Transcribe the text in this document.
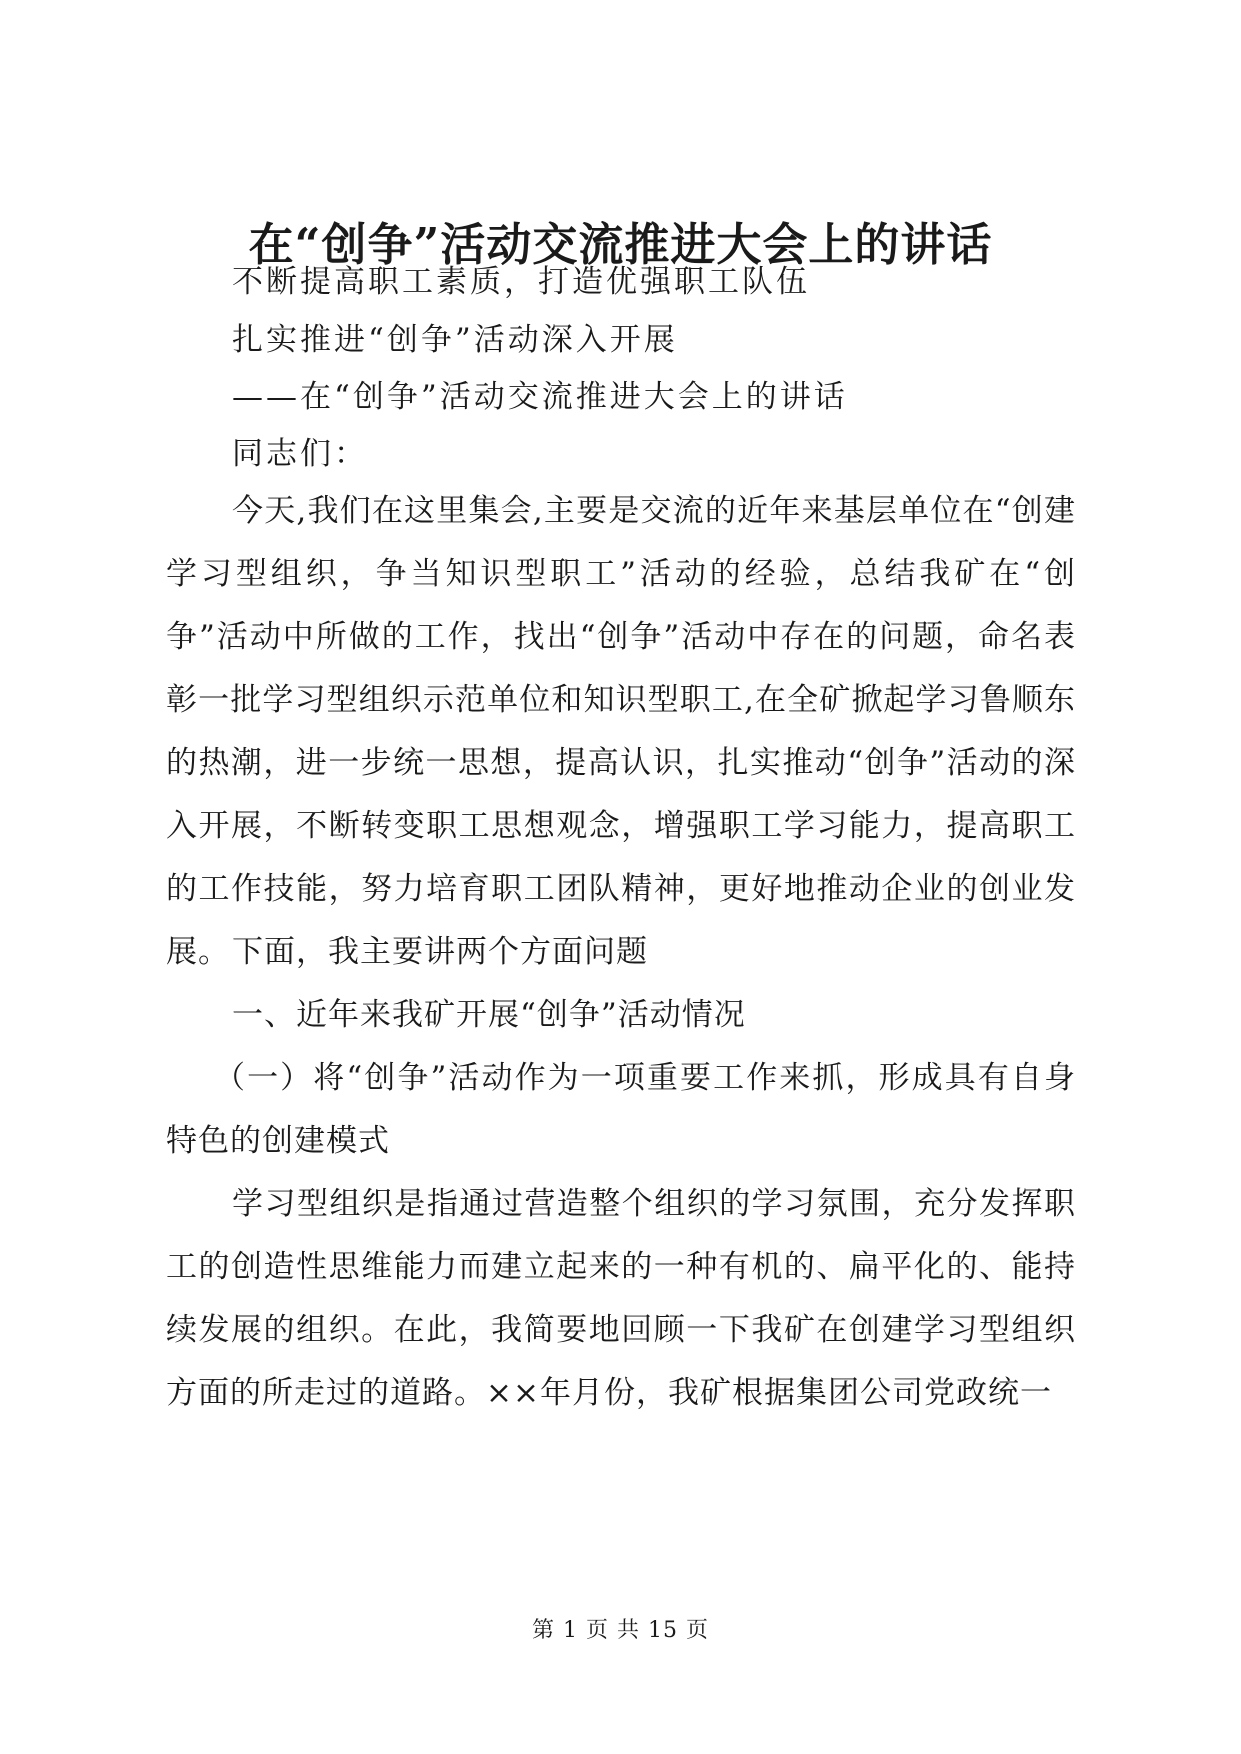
在“创争”活动交流推进大会上的讲话
不断提高职工素质，打造优强职工队伍
扎实推进“创争”活动深入开展
——在“创争”活动交流推进大会上的讲话
同志们：

今天,我们在这里集会,主要是交流的近年来基层单位在“创建学习型组织，争当知识型职工”活动的经验，总结我矿在“创争”活动中所做的工作，找出“创争”活动中存在的问题，命名表彰一批学习型组织示范单位和知识型职工,在全矿掀起学习鲁顺东的热潮，进一步统一思想，提高认识，扎实推动“创争”活动的深入开展，不断转变职工思想观念，增强职工学习能力，提高职工的工作技能，努力培育职工团队精神，更好地推动企业的创业发展。 下面，我主要讲两个方面问题

一、近年来我矿开展“创争”活动情况

（一）将“创争”活动作为一项重要工作来抓，形成具有自身特色的创建模式

学习型组织是指通过营造整个组织的学习氛围，充分发挥职工的创造性思维能力而建立起来的一种有机的、扁平化的、能持续发展的组织。在此，我简要地回顾一下我矿在创建学习型组织方面的所走过的道路。××年月份，我矿根据集团公司党政统一

第 1 页 共 15 页
